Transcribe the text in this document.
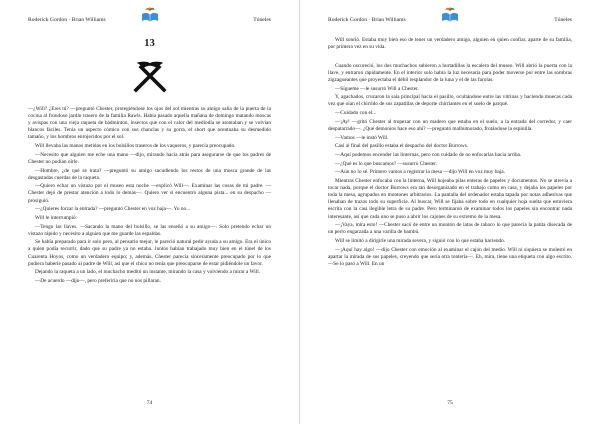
Roderick Gordon · Brian Williams	Túneles
13

—¿Will? ¿Eres tú? —preguntó Chester, protegiéndose los ojos del sol mientras su amigo salía de la puerta de la cocina al frondoso jardín trasero de la familia Rawls. Había pasado aquella mañana de domingo matando moscas y avispas con una vieja raqueta de bádminton, insectos que con el calor del mediodía se atontaban y se volvían blancos fáciles. Tenía un aspecto cómico con sus chanclas y su gorra, el short que acentuaba su desmedido tamaño, y los hombros enrojecidos por el sol.

Will llevaba las manos metidas en los bolsillos traseros de los vaqueros, y parecía preocupado.

—Necesito que alguien me eche una mano —dijo, mirando hacia atrás para asegurarse de que los padres de Chester no podían oírle.

—Hombre, ¿de qué se trata? —preguntó su amigo sacudiendo los restos de una mosca grande de las desgastadas cuerdas de la raqueta.

—Quiero echar un vistazo por el museo esta noche —explicó Will—. Examinar las cosas de mi padre. —Chester dejó de prestar atención a todo lo demás—. Quiero ver si encuentro alguna pista... en su despacho —prosiguió.

—¿Quieres forzar la entrada? —preguntó Chester en voz baja—. Yo no...

Will le interrumpió:

—Tengo las llaves. —Sacando la mano del bolsillo, se las enseñó a su amigo—. Solo pretendo echar un vistazo rápido y necesito a alguien que me guarde las espaldas.

Se había preparado para ir solo pero, al pensarlo mejor, le pareció natural pedir ayuda a su amigo. Era el único a quien podía recurrir, dado que su padre ya no estaba. Juntos habían trabajado muy bien en el túnel de los Cuarenta Hoyos, como un verdadero equipo; y, además, Chester parecía sinceramente preocupado por lo que pudiera haberle pasado al padre de Will, así que el chico no tenía que preocuparse de estar pidiéndole un favor.

Dejando la raqueta a un lado, el muchacho meditó un instante, mirando la casa y volviendo a mirar a Will.

—De acuerdo —dijo—, pero preferiría que no nos pillaran.

74
Roderick Gordon · Brian Williams	Túneles

Will sonrió. Estaba muy bien eso de tener un verdadero amigo, alguien en quien confiar, aparte de su familia, por primera vez en su vida.

Cuando oscureció, los dos muchachos subieron a hurtadillas la escalera del museo. Will abrió la puerta con la llave, y entraron rápidamente. En el interior solo había la luz necesaria para poder moverse por entre las sombras zigzagueantes que proyectaba el débil resplandor de la luna y el de las farolas.

—Sígueme —le susurró Will a Chester.

Y, agachados, cruzaron la sala principal hacia el pasillo, ocultándose entre las vitrinas y haciendo muecas cada vez que oían el chirrido de sus zapatillas de deporte chirriantes en el suelo de parqué.

—Cuidado con el...

—¡Ay! —gritó Chester al tropezar con un madero que estaba en el suelo, a la entrada del corredor, y caer despatarrado—. ¿Qué demonios hace eso ahí? —preguntó malhumorado, frotándose la espinilla.

—Vamos —le instó Will.

Casi al final del pasillo estaba el despacho del doctor Burrows.

—Aquí podemos encender las linternas, pero con cuidado de no enfocarlas hacia arriba.

—¿Qué es lo que buscamos? —susurró Chester.

—Aún no lo sé. Primero vamos a registrar la mesa —dijo Will en voz muy baja.

Mientras Chester enfocaba con la linterna, Will hojeaba pilas enteras de papeles y documentos. No se atrevía a tocar nada, porque el doctor Burrows era tan desorganizado en el trabajo como en casa, y dejaba los papeles por toda la mesa, agrupados en montones arbitrarios. La pantalla del ordenador estaba tapada por notas adhesivas que llenaban de trazos todo su superficie. Al buscar, Will se fijaba sobre todo en cualquier hoja suelta que estuviera escrita con la casi ilegible letra de su padre. Pero terminaron de examinar todos los papeles sin encontrar nada interesante, así que cada uno se puso a abrir los cajones de su extremo de la mesa.

—¡Vaya, mira esto! —Chester sacó de entre un montón de latas de tabaco lo que parecía la patita disecada de un perro engarzada a una varilla de bambú.

Will se limitó a dirigirle una mirada severa, y siguió con lo que estaba haciendo.

—¡Aquí hay algo! —dijo Chester con emoción al examinar el cajón del medio. Will ni siquiera se molestó en apartar la mirada de sus papeles, creyendo que sería otra tontería—. Eh, mira, tiene una etiqueta con algo escrito. —Se lo pasó a Will. En un

75
